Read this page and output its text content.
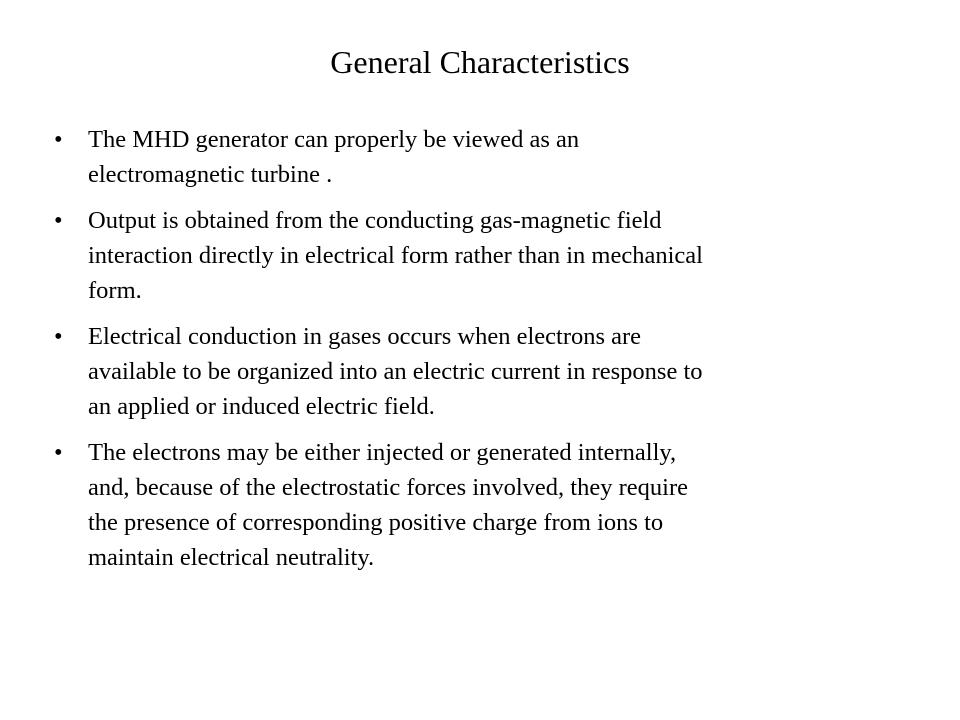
General Characteristics
• The MHD generator can properly be viewed as an
electromagnetic turbine .
• Output is obtained from the conducting gas-magnetic field
interaction directly in electrical form rather than in mechanical
form.
• Electrical conduction in gases occurs when electrons are
available to be organized into an electric current in response to
an applied or induced electric field.
• The electrons may be either injected or generated internally,
and, because of the electrostatic forces involved, they require
the presence of corresponding positive charge from ions to
maintain electrical neutrality.
